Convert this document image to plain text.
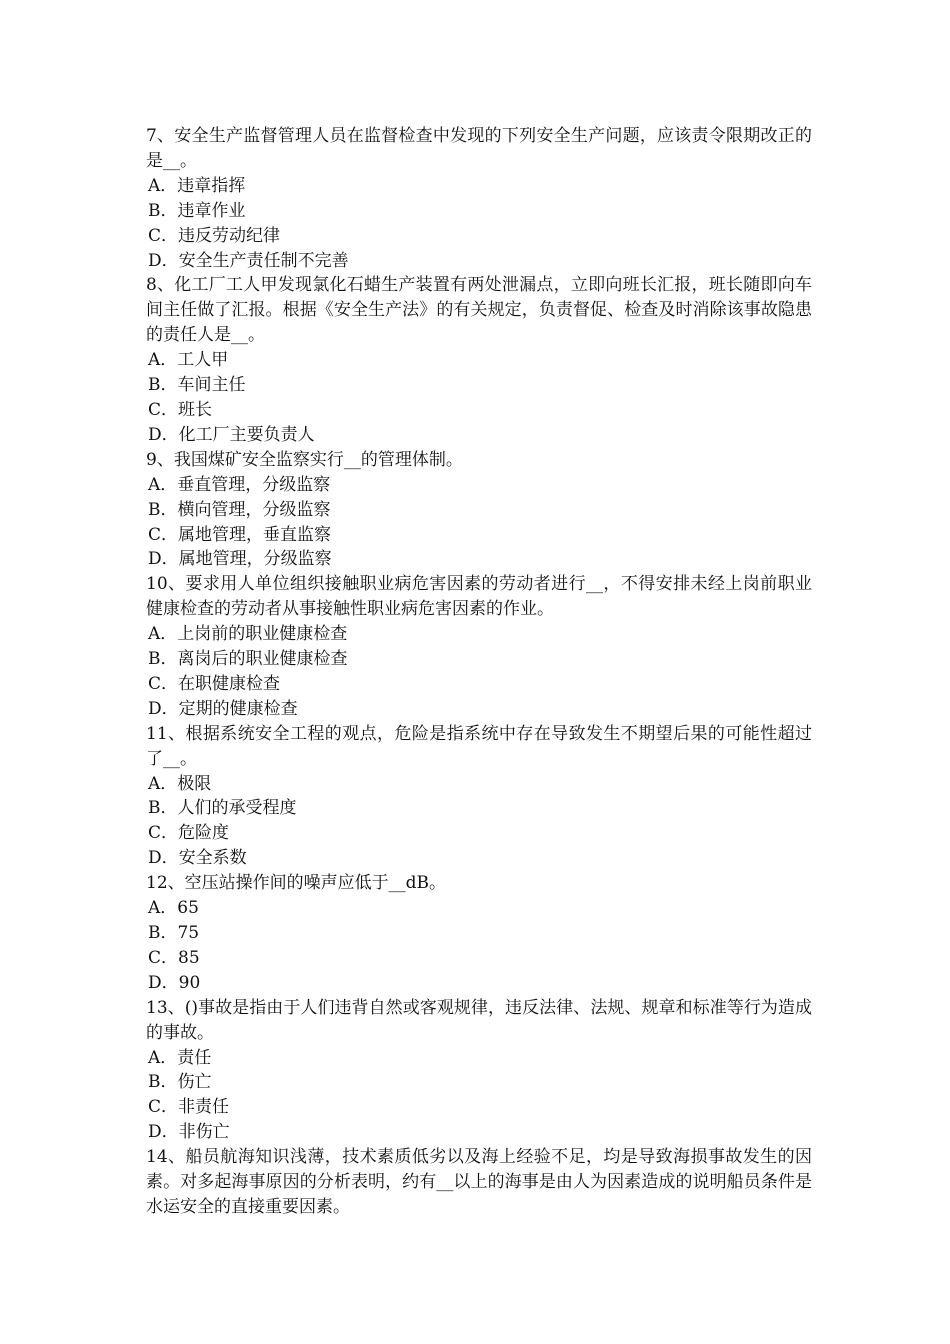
7、安全生产监督管理人员在监督检查中发现的下列安全生产问题，应该责令限期改正的是__。

A．违章指挥

B．违章作业

C．违反劳动纪律

D．安全生产责任制不完善

8、化工厂工人甲发现氯化石蜡生产装置有两处泄漏点，立即向班长汇报，班长随即向车间主任做了汇报。根据《安全生产法》的有关规定，负责督促、检查及时消除该事故隐患的责任人是__。

A．工人甲

B．车间主任

C．班长

D．化工厂主要负责人

9、我国煤矿安全监察实行__的管理体制。

A．垂直管理，分级监察

B．横向管理，分级监察

C．属地管理，垂直监察

D．属地管理，分级监察

10、要求用人单位组织接触职业病危害因素的劳动者进行__，不得安排未经上岗前职业健康检查的劳动者从事接触性职业病危害因素的作业。

A．上岗前的职业健康检查

B．离岗后的职业健康检查

C．在职健康检查

D．定期的健康检查

11、根据系统安全工程的观点，危险是指系统中存在导致发生不期望后果的可能性超过了__。

A．极限

B．人们的承受程度

C．危险度

D．安全系数

12、空压站操作间的噪声应低于__dB。

A．65

B．75

C．85

D．90

13、()事故是指由于人们违背自然或客观规律，违反法律、法规、规章和标准等行为造成的事故。

A．责任

B．伤亡

C．非责任

D．非伤亡

14、船员航海知识浅薄，技术素质低劣以及海上经验不足，均是导致海损事故发生的因素。对多起海事原因的分析表明，约有__以上的海事是由人为因素造成的说明船员条件是水运安全的直接重要因素。
